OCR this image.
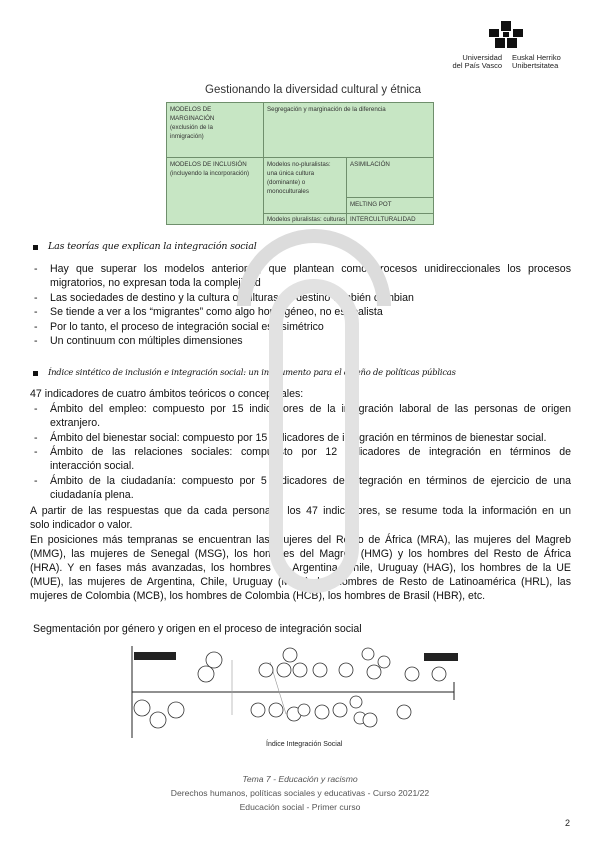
Universidad
del País Vasco
Euskal Herriko
Unibertsitatea
Gestionando la diversidad cultural y étnica
MODELOS DE
MARGINACIÓN
(exclusión de la
inmigración)
Segregación y marginación de la diferencia
MODELOS DE INCLUSIÓN
(incluyendo la incorporación)
Modelos no-pluralistas:
una única cultura
(dominante) o
monoculturales
ASIMILACIÓN
MELTING POT
Modelos pluralistas: culturas INTERCULTURALIDAD
Las teorías que explican la integración social
- Hay que superar los modelos anteriores, que plantean como procesos unidireccionales los procesos
migratorios, no expresan toda la complejidad
- Las sociedades de destino y la cultura o culturas de destino también cambian
- Se tiende a ver a los “migrantes” como algo homogéneo, no es realista
- Por lo tanto, el proceso de integración social es asimétrico
- Un continuum con múltiples dimensiones
Índice sintético de inclusión e integración social: un instrumento para el diseño de políticas públicas
47 indicadores de cuatro ámbitos teóricos o conceptuales:
- Ámbito del empleo: compuesto por 15 indicadores de la integración laboral de las personas de origen
extranjero.
- Ámbito del bienestar social: compuesto por 15 indicadores de integración en términos de bienestar social.
- Ámbito de las relaciones sociales: compuesto por 12 indicadores de integración en términos de
interacción social.
- Ámbito de la ciudadanía: compuesto por 5 indicadores de integración en términos de ejercicio de una
ciudadanía plena.
A partir de las respuestas que da cada persona a los 47 indicadores, se resume toda la información en un
solo indicador o valor.
En posiciones más tempranas se encuentran las mujeres del Resto de África (MRA), las mujeres del Magreb
(MMG), las mujeres de Senegal (MSG), los hombres del Magreb (HMG) y los hombres del Resto de África
(HRA). Y en fases más avanzadas, los hombres de Argentina, Chile, Uruguay (HAG), los hombres de la UE
(MUE), las mujeres de Argentina, Chile, Uruguay (MAG), los hombres de Resto de Latinoamérica (HRL), las
mujeres de Colombia (MCB), los hombres de Colombia (HCB), los hombres de Brasil (HBR), etc.
Segmentación por género y origen en el proceso de integración social
Fase Temprana	Fase Avanzada
Índice Integración Social
Tema 7 - Educación y racismo
Derechos humanos, políticas sociales y educativas - Curso 2021/22
Educación social - Primer curso
2
